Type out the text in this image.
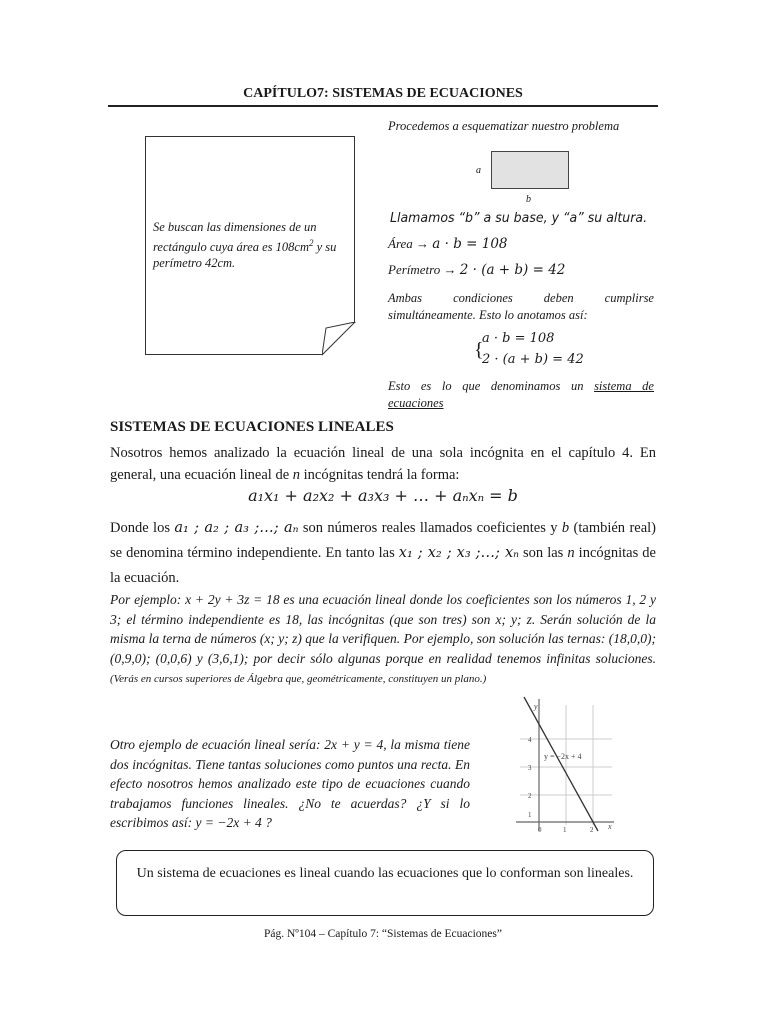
CAPÍTULO7: SISTEMAS DE ECUACIONES
Se buscan las dimensiones de un rectángulo cuya área es $108cm^2$ y su perímetro 42cm.
Procedemos a esquematizar nuestro problema
a
b
Llamamos “b” a su base, y “a” su altura.
Área → a · b = 108
Perímetro → 2 · (a + b) = 42
Ambas condiciones deben cumplirse simultáneamente. Esto lo anotamos así:
{
a · b = 108
2 · (a + b) = 42
Esto es lo que denominamos un sistema de ecuaciones
SISTEMAS DE ECUACIONES LINEALES
Nosotros hemos analizado la ecuación lineal de una sola incógnita en el capítulo 4. En general, una ecuación lineal de n incógnitas tendrá la forma:
a₁x₁ + a₂x₂ + a₃x₃ + … + aₙxₙ = b
Donde los a₁ ; a₂ ; a₃ ;…; aₙ son números reales llamados coeficientes y b (también real) se denomina término independiente. En tanto las x₁ ; x₂ ; x₃ ;…; xₙ son las n incógnitas de la ecuación.
Por ejemplo: x + 2y + 3z = 18 es una ecuación lineal donde los coeficientes son los números 1, 2 y 3; el término independiente es 18, las incógnitas (que son tres) son x; y; z. Serán solución de la misma la terna de números (x; y; z) que la verifiquen. Por ejemplo, son solución las ternas: (18,0,0); (0,9,0); (0,0,6) y (3,6,1); por decir sólo algunas porque en realidad tenemos infinitas soluciones. (Verás en cursos superiores de Álgebra que, geométricamente, constituyen un plano.)
Otro ejemplo de ecuación lineal sería: 2x + y = 4, la misma tiene dos incógnitas. Tiene tantas soluciones como puntos una recta. En efecto nosotros hemos analizado este tipo de ecuaciones cuando trabajamos funciones lineales. ¿No te acuerdas? ¿Y si lo escribimos así: y = −2x + 4 ?
y
x
4
3
2
1
0	1	2
y = −2x + 4
Un sistema de ecuaciones es lineal cuando las ecuaciones que lo conforman son lineales.
Pág. Nº104 – Capítulo 7: “Sistemas de Ecuaciones”
